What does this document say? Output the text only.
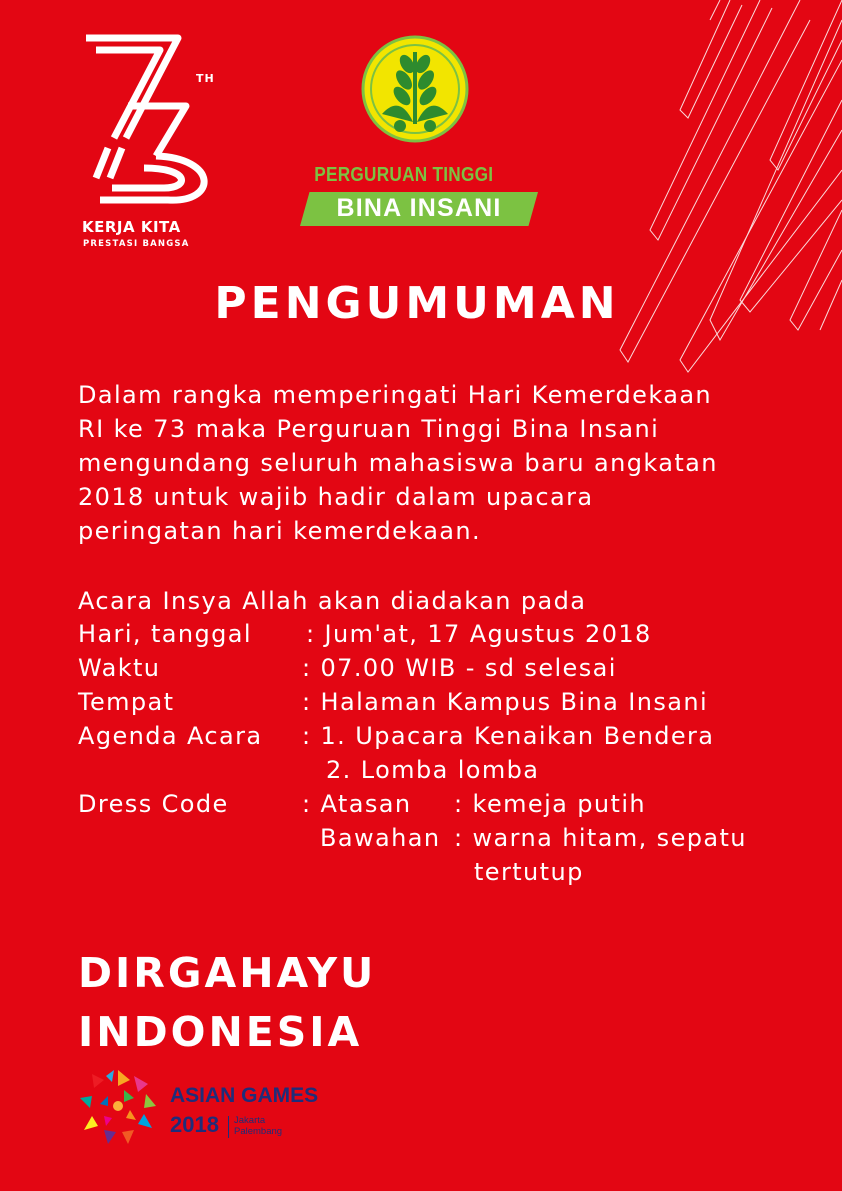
TH
KERJA KITA
PRESTASI BANGSA
PERGURUAN TINGGI
BINA INSANI
PENGUMUMAN

Dalam rangka memperingati Hari Kemerdekaan
RI ke 73 maka Perguruan Tinggi Bina Insani
mengundang seluruh mahasiswa baru angkatan
2018 untuk wajib hadir dalam upacara
peringatan hari kemerdekaan.

Acara Insya Allah akan diadakan pada
Hari, tanggal : Jum'at, 17 Agustus 2018
Waktu	: 07.00 WIB - sd selesai
Tempat	: Halaman Kampus Bina Insani
Agenda Acara : 1. Upacara Kenaikan Bendera
2. Lomba lomba
Dress Code	: Atasan : kemeja putih
Bawahan : warna hitam, sepatu
tertutup
DIRGAHAYU
INDONESIA
ASIAN GAMES
2018 Jakarta
Palembang
